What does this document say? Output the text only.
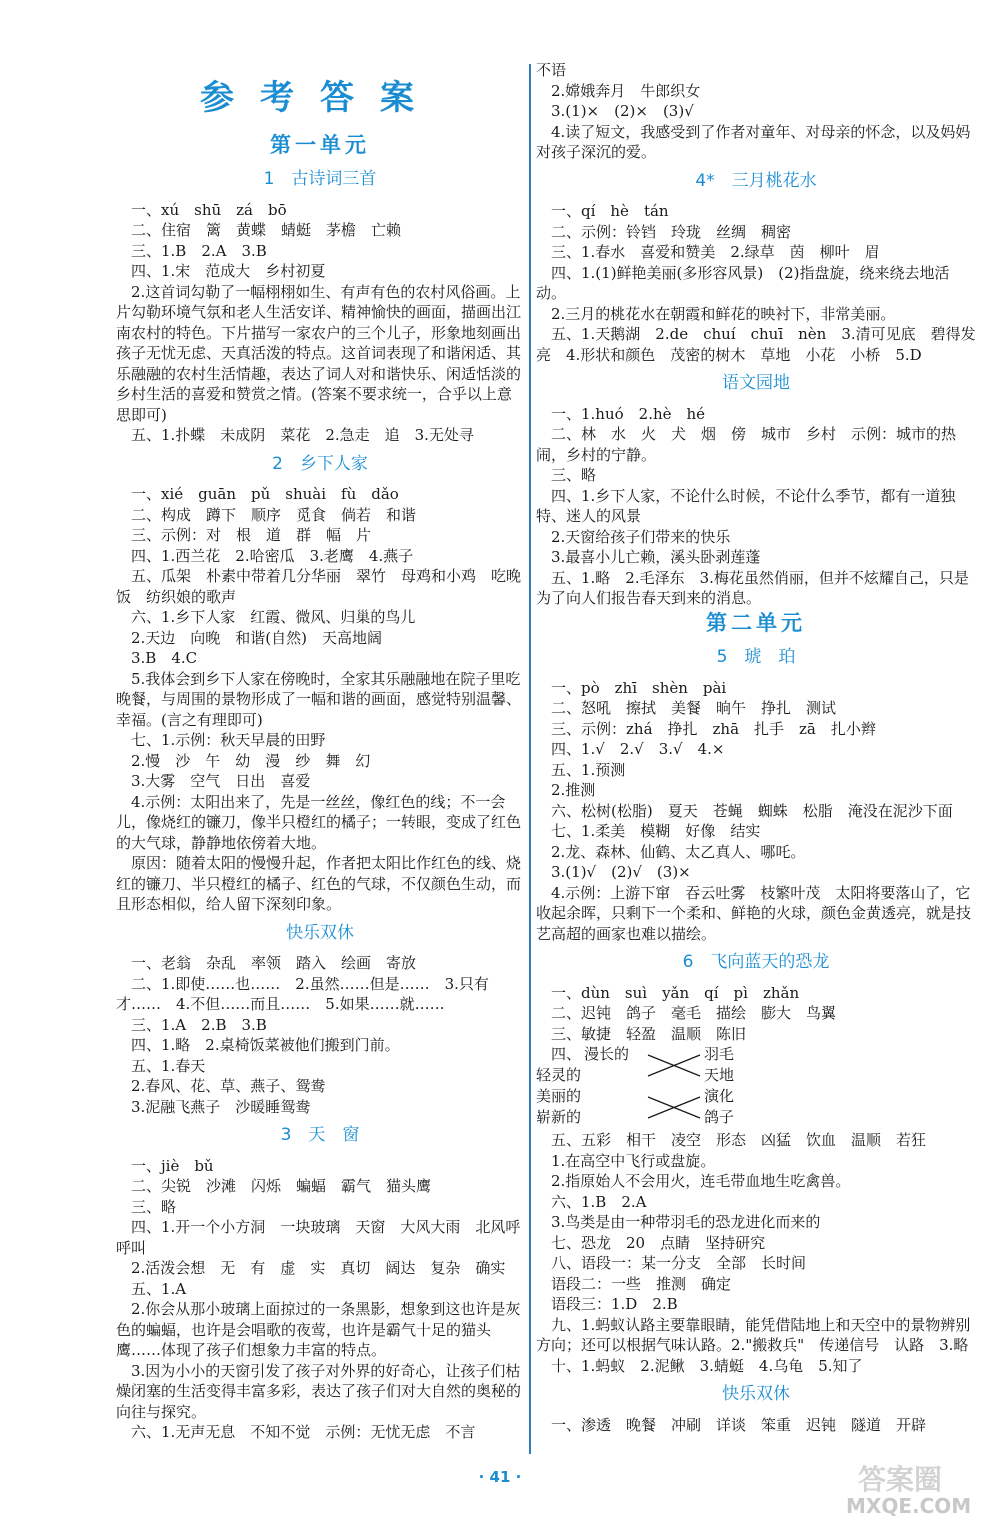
参考答案
第一单元
1　古诗词三首
　一、xú　shū　zá　bō
　二、住宿　篱　黄蝶　蜻蜓　茅檐　亡赖
　三、1.B　2.A　3.B
　四、1.宋　范成大　乡村初夏
　2.这首词勾勒了一幅栩栩如生、有声有色的农村风俗画。上片勾勒环境气氛和老人生活安详、精神愉快的画面，描画出江南农村的特色。下片描写一家农户的三个儿子，形象地刻画出孩子无忧无虑、天真活泼的特点。这首词表现了和谐闲适、其乐融融的农村生活情趣，表达了词人对和谐快乐、闲适恬淡的乡村生活的喜爱和赞赏之情。(答案不要求统一，合乎以上意思即可)
　五、1.扑蝶　未成阴　菜花　2.急走　追　3.无处寻
2　乡下人家
　一、xié　guān　pǔ　shuài　fù　dǎo
　二、构成　蹲下　顺序　觅食　倘若　和谐
　三、示例：对　根　道　群　幅　片
　四、1.西兰花　2.哈密瓜　3.老鹰　4.燕子
　五、瓜架　朴素中带着几分华丽　翠竹　母鸡和小鸡　吃晚饭　纺织娘的歌声
　六、1.乡下人家　红霞、微风、归巢的鸟儿
　2.天边　向晚　和谐(自然)　天高地阔
　3.B　4.C
　5.我体会到乡下人家在傍晚时，全家其乐融融地在院子里吃晚餐，与周围的景物形成了一幅和谐的画面，感觉特别温馨、幸福。(言之有理即可)
　七、1.示例：秋天早晨的田野
　2.慢　沙　午　幼　漫　纱　舞　幻
　3.大雾　空气　日出　喜爱
　4.示例：太阳出来了，先是一丝丝，像红色的线；不一会儿，像烧红的镰刀，像半只橙红的橘子；一转眼，变成了红色的大气球，静静地依傍着大地。
　原因：随着太阳的慢慢升起，作者把太阳比作红色的线、烧红的镰刀、半只橙红的橘子、红色的气球，不仅颜色生动，而且形态相似，给人留下深刻印象。
快乐双休
　一、老翁　杂乱　率领　踏入　绘画　寄放
　二、1.即使……也……　2.虽然……但是……　3.只有才……　4.不但……而且……　5.如果……就……
　三、1.A　2.B　3.B
　四、1.略　2.桌椅饭菜被他们搬到门前。
　五、1.春天
　2.春风、花、草、燕子、鸳鸯
　3.泥融飞燕子　沙暖睡鸳鸯
3　天　窗
　一、jiè　bǔ
　二、尖锐　沙滩　闪烁　蝙蝠　霸气　猫头鹰
　三、略
　四、1.开一个小方洞　一块玻璃　天窗　大风大雨　北风呼呼叫
　2.活泼会想　无　有　虚　实　真切　阔达　复杂　确实
　五、1.A
　2.你会从那小玻璃上面掠过的一条黑影，想象到这也许是灰色的蝙蝠，也许是会唱歌的夜莺，也许是霸气十足的猫头鹰……体现了孩子们想象力丰富的特点。
　3.因为小小的天窗引发了孩子对外界的好奇心，让孩子们枯燥闭塞的生活变得丰富多彩，表达了孩子们对大自然的奥秘的向往与探究。
　六、1.无声无息　不知不觉　示例：无忧无虑　不言
不语
　2.嫦娥奔月　牛郎织女
　3.(1)×　(2)×　(3)√
　4.读了短文，我感受到了作者对童年、对母亲的怀念，以及妈妈对孩子深沉的爱。
4*　三月桃花水
　一、qí　hè　tán
　二、示例：铃铛　玲珑　丝绸　稠密
　三、1.春水　喜爱和赞美　2.绿草　茵　柳叶　眉
　四、1.(1)鲜艳美丽(多形容风景)　(2)指盘旋，绕来绕去地活动。
　2.三月的桃花水在朝霞和鲜花的映衬下，非常美丽。
　五、1.天鹅湖　2.de　chuí　chuī　nèn　3.清可见底　碧得发亮　4.形状和颜色　茂密的树木　草地　小花　小桥　5.D
语文园地
　一、1.huó　2.hè　hé
　二、林　水　火　犬　烟　傍　城市　乡村　示例：城市的热闹，乡村的宁静。
　三、略
　四、1.乡下人家，不论什么时候，不论什么季节，都有一道独特、迷人的风景
　2.天窗给孩子们带来的快乐
　3.最喜小儿亡赖，溪头卧剥莲蓬
　五、1.略　2.毛泽东　3.梅花虽然俏丽，但并不炫耀自己，只是为了向人们报告春天到来的消息。
第二单元
5　琥　珀
　一、pò　zhī　shèn　pài
　二、怒吼　擦拭　美餐　晌午　挣扎　测试
　三、示例：zhá　挣扎　zhā　扎手　zā　扎小辫
　四、1.√　2.√　3.√　4.×
　五、1.预测
　2.推测
　六、松树(松脂)　夏天　苍蝇　蜘蛛　松脂　淹没在泥沙下面
　七、1.柔美　模糊　好像　结实
　2.龙、森林、仙鹤、太乙真人、哪吒。
　3.(1)√　(2)√　(3)×
　4.示例：上游下窜　吞云吐雾　枝繁叶茂　太阳将要落山了，它收起余晖，只剩下一个柔和、鲜艳的火球，颜色金黄透亮，就是技艺高超的画家也难以描绘。
6　飞向蓝天的恐龙
　一、dùn　suì　yǎn　qí　pì　zhǎn
　二、迟钝　鸽子　毫毛　描绘　膨大　鸟翼
　三、敏捷　轻盈　温顺　陈旧
　四、 漫长的
轻灵的
美丽的
崭新的
羽毛
天地
演化
鸽子
　五、五彩　相干　凌空　形态　凶猛　饮血　温顺　若狂
　1.在高空中飞行或盘旋。
　2.指原始人不会用火，连毛带血地生吃禽兽。
　六、1.B　2.A
　3.鸟类是由一种带羽毛的恐龙进化而来的
　七、恐龙　20　点睛　坚持研究
　八、语段一：某一分支　全部　长时间
　语段二：一些　推测　确定
　语段三：1.D　2.B
　九、1.蚂蚁认路主要靠眼睛，能凭借陆地上和天空中的景物辨别方向；还可以根据气味认路。2."搬救兵"　传递信号　认路　3.略
　十、1.蚂蚁　2.泥鳅　3.蜻蜓　4.乌龟　5.知了
快乐双休
　一、渗透　晚餐　冲刷　详谈　笨重　迟钝　隧道　开辟
· 41 ·	答案圈
MXQE.COM
